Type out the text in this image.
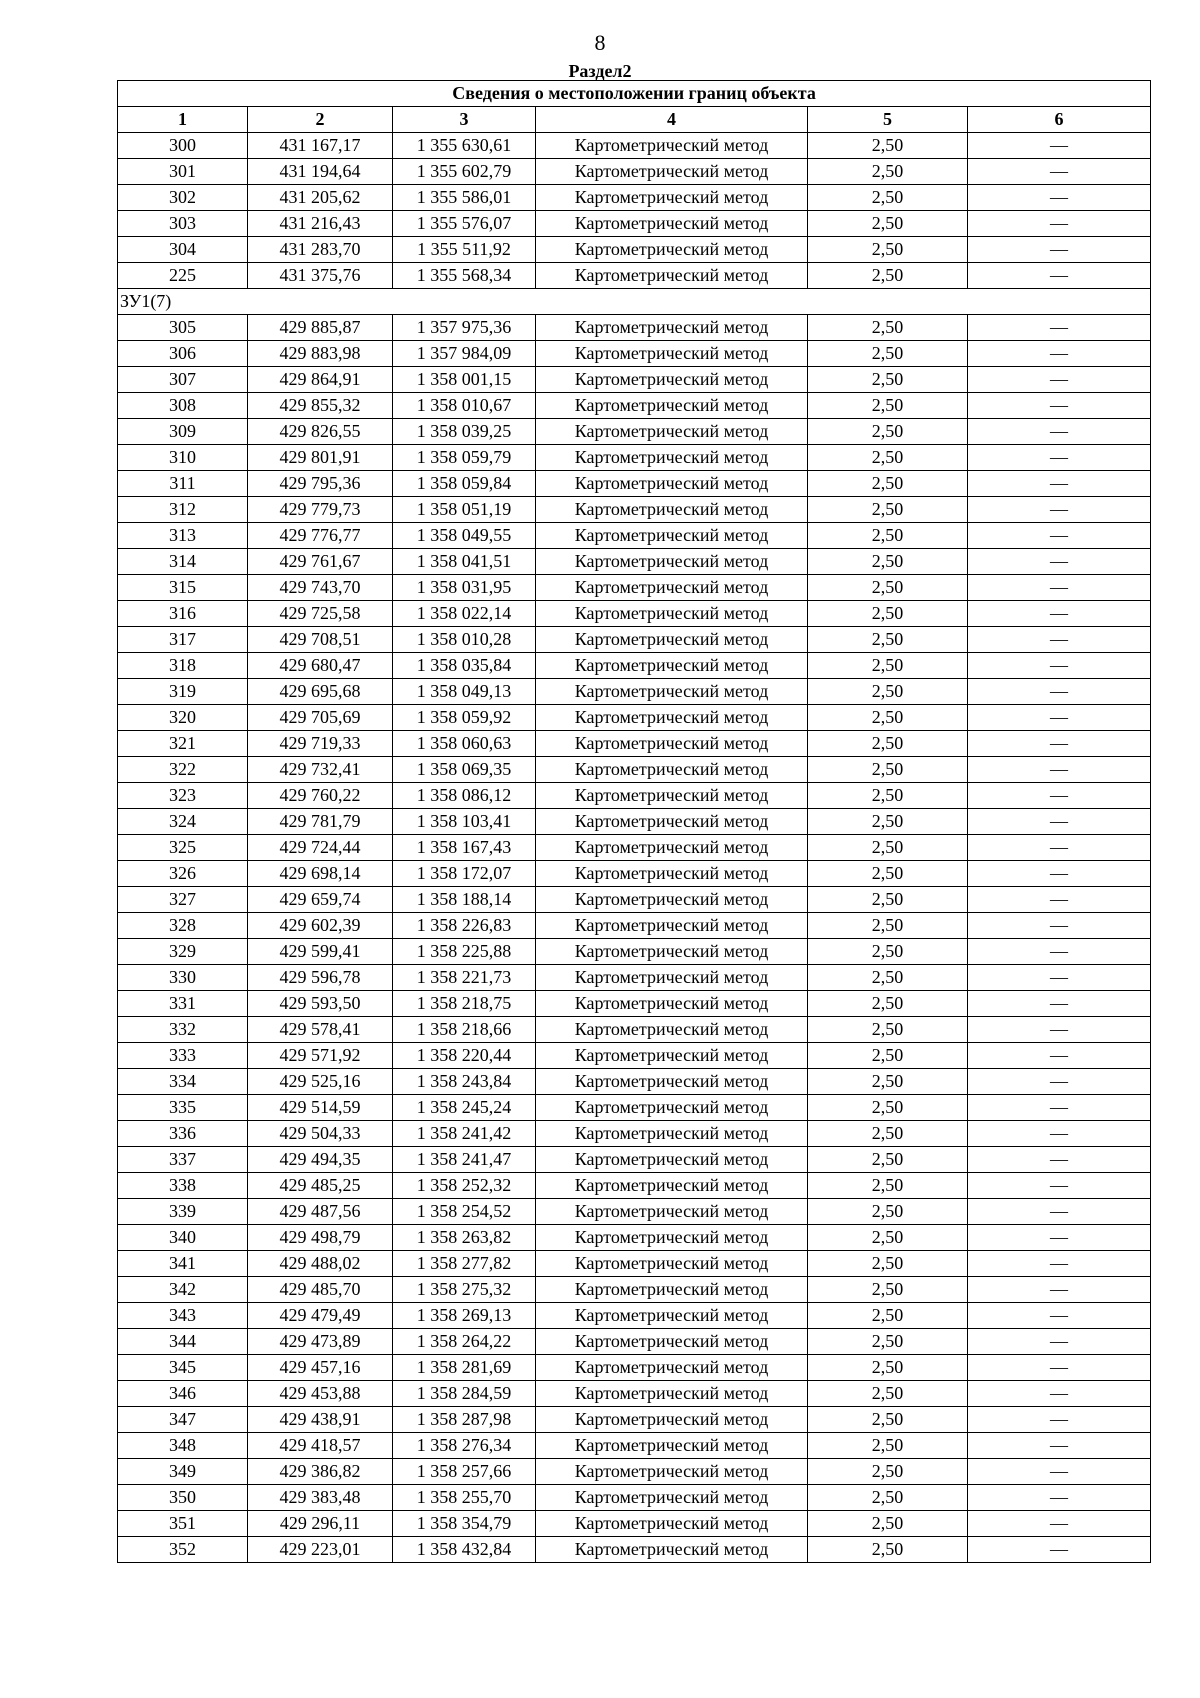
8
Раздел2
Сведения о местоположении границ объекта					
1	2	3	4	5	6
300	431 167,17	1 355 630,61	Картометрический метод	2,50	—
301	431 194,64	1 355 602,79	Картометрический метод	2,50	—
302	431 205,62	1 355 586,01	Картометрический метод	2,50	—
303	431 216,43	1 355 576,07	Картометрический метод	2,50	—
304	431 283,70	1 355 511,92	Картометрический метод	2,50	—
225	431 375,76	1 355 568,34	Картометрический метод	2,50	—
ЗУ1(7)					
305	429 885,87	1 357 975,36	Картометрический метод	2,50	—
306	429 883,98	1 357 984,09	Картометрический метод	2,50	—
307	429 864,91	1 358 001,15	Картометрический метод	2,50	—
308	429 855,32	1 358 010,67	Картометрический метод	2,50	—
309	429 826,55	1 358 039,25	Картометрический метод	2,50	—
310	429 801,91	1 358 059,79	Картометрический метод	2,50	—
311	429 795,36	1 358 059,84	Картометрический метод	2,50	—
312	429 779,73	1 358 051,19	Картометрический метод	2,50	—
313	429 776,77	1 358 049,55	Картометрический метод	2,50	—
314	429 761,67	1 358 041,51	Картометрический метод	2,50	—
315	429 743,70	1 358 031,95	Картометрический метод	2,50	—
316	429 725,58	1 358 022,14	Картометрический метод	2,50	—
317	429 708,51	1 358 010,28	Картометрический метод	2,50	—
318	429 680,47	1 358 035,84	Картометрический метод	2,50	—
319	429 695,68	1 358 049,13	Картометрический метод	2,50	—
320	429 705,69	1 358 059,92	Картометрический метод	2,50	—
321	429 719,33	1 358 060,63	Картометрический метод	2,50	—
322	429 732,41	1 358 069,35	Картометрический метод	2,50	—
323	429 760,22	1 358 086,12	Картометрический метод	2,50	—
324	429 781,79	1 358 103,41	Картометрический метод	2,50	—
325	429 724,44	1 358 167,43	Картометрический метод	2,50	—
326	429 698,14	1 358 172,07	Картометрический метод	2,50	—
327	429 659,74	1 358 188,14	Картометрический метод	2,50	—
328	429 602,39	1 358 226,83	Картометрический метод	2,50	—
329	429 599,41	1 358 225,88	Картометрический метод	2,50	—
330	429 596,78	1 358 221,73	Картометрический метод	2,50	—
331	429 593,50	1 358 218,75	Картометрический метод	2,50	—
332	429 578,41	1 358 218,66	Картометрический метод	2,50	—
333	429 571,92	1 358 220,44	Картометрический метод	2,50	—
334	429 525,16	1 358 243,84	Картометрический метод	2,50	—
335	429 514,59	1 358 245,24	Картометрический метод	2,50	—
336	429 504,33	1 358 241,42	Картометрический метод	2,50	—
337	429 494,35	1 358 241,47	Картометрический метод	2,50	—
338	429 485,25	1 358 252,32	Картометрический метод	2,50	—
339	429 487,56	1 358 254,52	Картометрический метод	2,50	—
340	429 498,79	1 358 263,82	Картометрический метод	2,50	—
341	429 488,02	1 358 277,82	Картометрический метод	2,50	—
342	429 485,70	1 358 275,32	Картометрический метод	2,50	—
343	429 479,49	1 358 269,13	Картометрический метод	2,50	—
344	429 473,89	1 358 264,22	Картометрический метод	2,50	—
345	429 457,16	1 358 281,69	Картометрический метод	2,50	—
346	429 453,88	1 358 284,59	Картометрический метод	2,50	—
347	429 438,91	1 358 287,98	Картометрический метод	2,50	—
348	429 418,57	1 358 276,34	Картометрический метод	2,50	—
349	429 386,82	1 358 257,66	Картометрический метод	2,50	—
350	429 383,48	1 358 255,70	Картометрический метод	2,50	—
351	429 296,11	1 358 354,79	Картометрический метод	2,50	—
352	429 223,01	1 358 432,84	Картометрический метод	2,50	—
